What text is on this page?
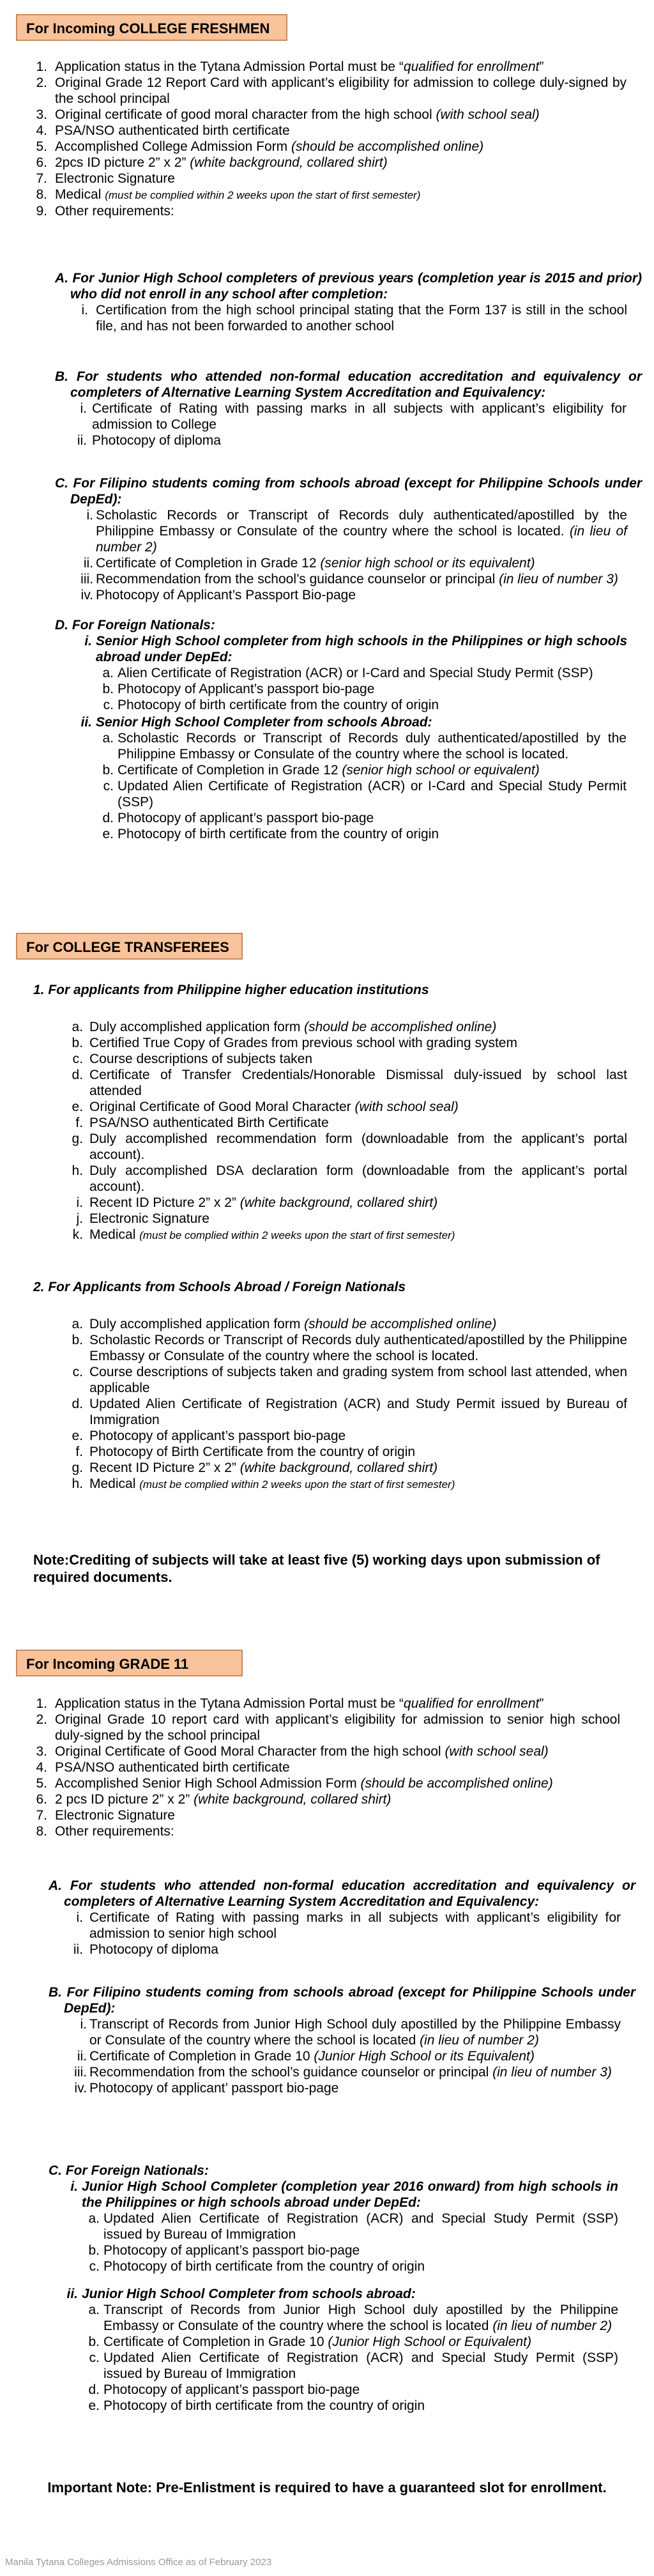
For Incoming COLLEGE FRESHMEN
1. Application status in the Tytana Admission Portal must be “qualified for enrollment”
2. Original Grade 12 Report Card with applicant’s eligibility for admission to college duly-signed by the school principal
3. Original certificate of good moral character from the high school (with school seal)
4. PSA/NSO authenticated birth certificate
5. Accomplished College Admission Form (should be accomplished online)
6. 2pcs ID picture 2” x 2” (white background, collared shirt)
7. Electronic Signature
8. Medical (must be complied within 2 weeks upon the start of first semester)
9. Other requirements:
A. For Junior High School completers of previous years (completion year is 2015 and prior) who did not enroll in any school after completion:
i. Certification from the high school principal stating that the Form 137 is still in the school file, and has not been forwarded to another school
B. For students who attended non-formal education accreditation and equivalency or completers of Alternative Learning System Accreditation and Equivalency:
i. Certificate of Rating with passing marks in all subjects with applicant’s eligibility for admission to College
ii. Photocopy of diploma
C. For Filipino students coming from schools abroad (except for Philippine Schools under DepEd):
i. Scholastic Records or Transcript of Records duly authenticated/apostilled by the Philippine Embassy or Consulate of the country where the school is located. (in lieu of number 2)
ii. Certificate of Completion in Grade 12 (senior high school or its equivalent)
iii. Recommendation from the school’s guidance counselor or principal (in lieu of number 3)
iv. Photocopy of Applicant’s Passport Bio-page
D. For Foreign Nationals:
i. Senior High School completer from high schools in the Philippines or high schools abroad under DepEd:
a. Alien Certificate of Registration (ACR) or I-Card and Special Study Permit (SSP)
b. Photocopy of Applicant’s passport bio-page
c. Photocopy of birth certificate from the country of origin
ii. Senior High School Completer from schools Abroad:
a. Scholastic Records or Transcript of Records duly authenticated/apostilled by the Philippine Embassy or Consulate of the country where the school is located.
b. Certificate of Completion in Grade 12 (senior high school or equivalent)
c. Updated Alien Certificate of Registration (ACR) or I-Card and Special Study Permit (SSP)
d. Photocopy of applicant’s passport bio-page
e. Photocopy of birth certificate from the country of origin
For COLLEGE TRANSFEREES
1. For applicants from Philippine higher education institutions
a. Duly accomplished application form (should be accomplished online)
b. Certified True Copy of Grades from previous school with grading system
c. Course descriptions of subjects taken
d. Certificate of Transfer Credentials/Honorable Dismissal duly-issued by school last attended
e. Original Certificate of Good Moral Character (with school seal)
f. PSA/NSO authenticated Birth Certificate
g. Duly accomplished recommendation form (downloadable from the applicant’s portal account).
h. Duly accomplished DSA declaration form (downloadable from the applicant’s portal account).
i. Recent ID Picture 2” x 2” (white background, collared shirt)
j. Electronic Signature
k. Medical (must be complied within 2 weeks upon the start of first semester)
2. For Applicants from Schools Abroad / Foreign Nationals
a. Duly accomplished application form (should be accomplished online)
b. Scholastic Records or Transcript of Records duly authenticated/apostilled by the Philippine Embassy or Consulate of the country where the school is located.
c. Course descriptions of subjects taken and grading system from school last attended, when applicable
d. Updated Alien Certificate of Registration (ACR) and Study Permit issued by Bureau of Immigration
e. Photocopy of applicant’s passport bio-page
f. Photocopy of Birth Certificate from the country of origin
g. Recent ID Picture 2” x 2” (white background, collared shirt)
h. Medical (must be complied within 2 weeks upon the start of first semester)
Note:Crediting of subjects will take at least five (5) working days upon submission of required documents.
For Incoming GRADE 11
1. Application status in the Tytana Admission Portal must be “qualified for enrollment”
2. Original Grade 10 report card with applicant’s eligibility for admission to senior high school duly-signed by the school principal
3. Original Certificate of Good Moral Character from the high school (with school seal)
4. PSA/NSO authenticated birth certificate
5. Accomplished Senior High School Admission Form (should be accomplished online)
6. 2 pcs ID picture 2” x 2” (white background, collared shirt)
7. Electronic Signature
8. Other requirements:
A. For students who attended non-formal education accreditation and equivalency or completers of Alternative Learning System Accreditation and Equivalency:
i. Certificate of Rating with passing marks in all subjects with applicant’s eligibility for admission to senior high school
ii. Photocopy of diploma
B. For Filipino students coming from schools abroad (except for Philippine Schools under DepEd):
i. Transcript of Records from Junior High School duly apostilled by the Philippine Embassy or Consulate of the country where the school is located (in lieu of number 2)
ii. Certificate of Completion in Grade 10 (Junior High School or its Equivalent)
iii. Recommendation from the school’s guidance counselor or principal (in lieu of number 3)
iv. Photocopy of applicant’ passport bio-page
C. For Foreign Nationals:
i. Junior High School Completer (completion year 2016 onward) from high schools in the Philippines or high schools abroad under DepEd:
a. Updated Alien Certificate of Registration (ACR) and Special Study Permit (SSP) issued by Bureau of Immigration
b. Photocopy of applicant’s passport bio-page
c. Photocopy of birth certificate from the country of origin
ii. Junior High School Completer from schools abroad:
a. Transcript of Records from Junior High School duly apostilled by the Philippine Embassy or Consulate of the country where the school is located (in lieu of number 2)
b. Certificate of Completion in Grade 10 (Junior High School or Equivalent)
c. Updated Alien Certificate of Registration (ACR) and Special Study Permit (SSP) issued by Bureau of Immigration
d. Photocopy of applicant’s passport bio-page
e. Photocopy of birth certificate from the country of origin
Important Note: Pre-Enlistment is required to have a guaranteed slot for enrollment.
Manila Tytana Colleges Admissions Office as of February 2023
